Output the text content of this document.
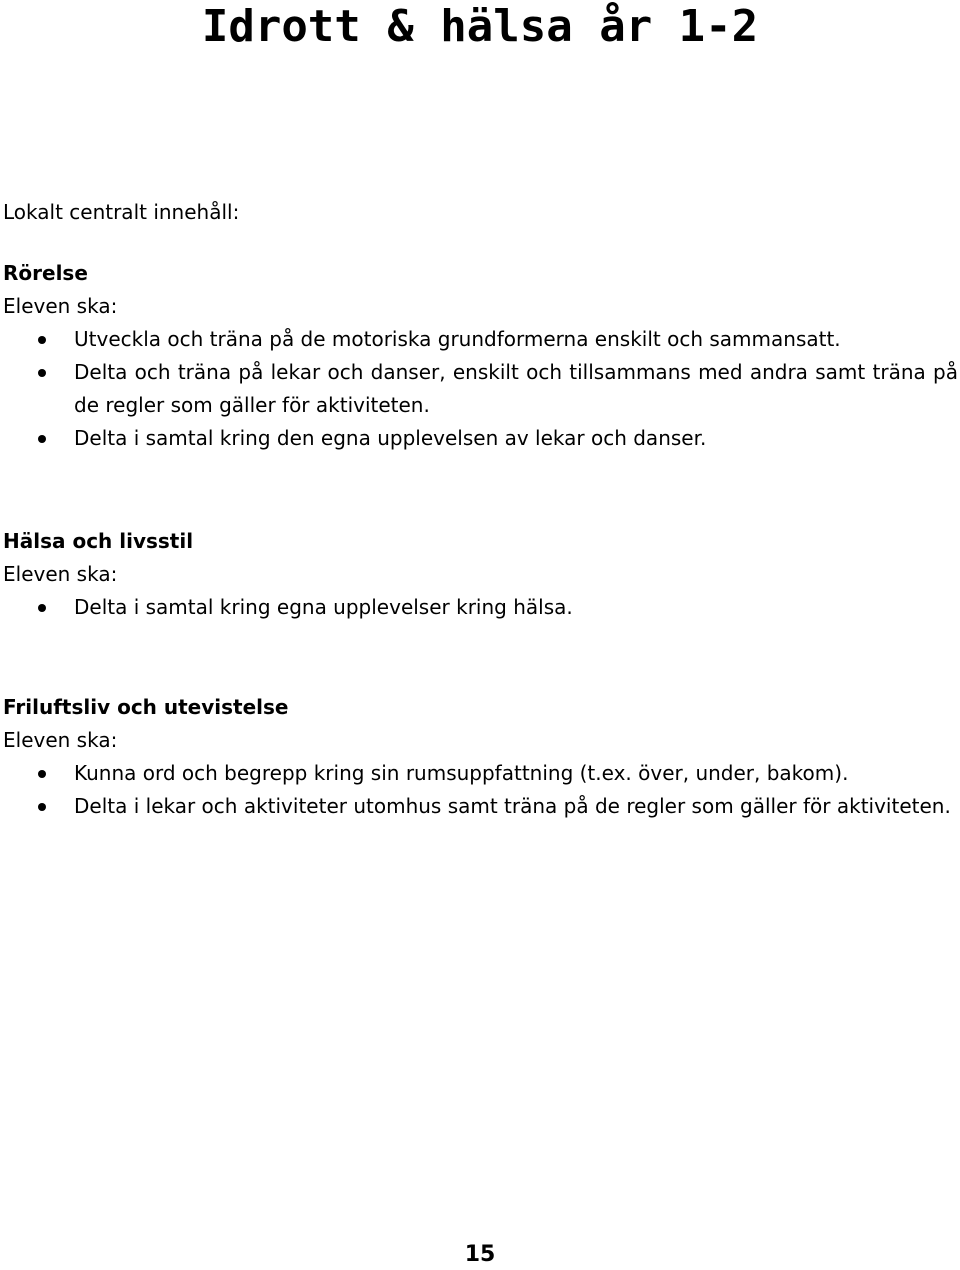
Idrott & hälsa år 1-2
Lokalt centralt innehåll:
Rörelse
Eleven ska:
Utveckla och träna på de motoriska grundformerna enskilt och sammansatt.
Delta och träna på lekar och danser, enskilt och tillsammans med andra samt träna på de regler som gäller för aktiviteten.
Delta i samtal kring den egna upplevelsen av lekar och danser.
Hälsa och livsstil
Eleven ska:
Delta i samtal kring egna upplevelser kring hälsa.
Friluftsliv och utevistelse
Eleven ska:
Kunna ord och begrepp kring sin rumsuppfattning (t.ex. över, under, bakom).
Delta i lekar och aktiviteter utomhus samt träna på de regler som gäller för aktiviteten.
15
